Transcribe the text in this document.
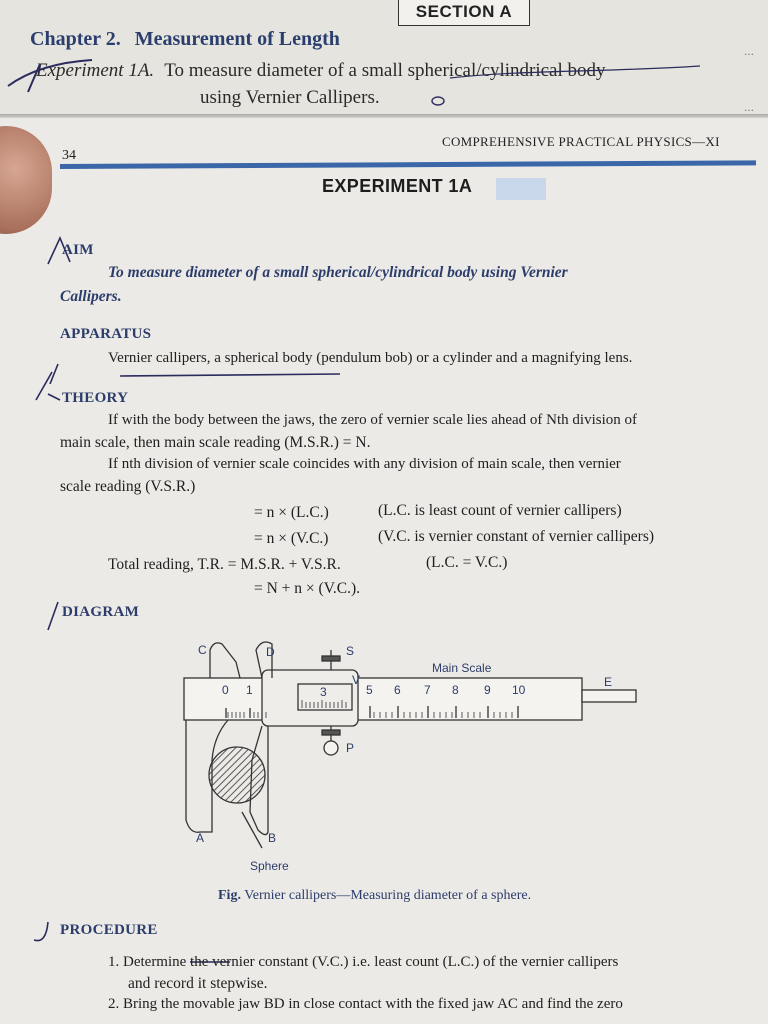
SECTION A
Chapter 2. Measurement of Length
...
Experiment 1A. To measure diameter of a small spherical/cylindrical body
using Vernier Callipers.	...
34
COMPREHENSIVE PRACTICAL PHYSICS—XI
EXPERIMENT 1A
AIM
To measure diameter of a small spherical/cylindrical body using Vernier
Callipers.
APPARATUS
Vernier callipers, a spherical body (pendulum bob) or a cylinder and a magnifying lens.
THEORY
If with the body between the jaws, the zero of vernier scale lies ahead of Nth division of
main scale, then main scale reading (M.S.R.) = N.
If nth division of vernier scale coincides with any division of main scale, then vernier
scale reading (V.S.R.)
= n × (L.C.)	(L.C. is least count of vernier callipers)
= n × (V.C.)	(V.C. is vernier constant of vernier callipers)
Total reading, T.R. = M.S.R. + V.S.R.	(L.C. = V.C.)
= N + n × (V.C.).
DIAGRAM
C	D	S
V
P
E
A	B
Main Scale
Sphere
0 1	3	5 6 7 8 9 10
Fig. Vernier callipers—Measuring diameter of a sphere.
PROCEDURE
1. Determine the vernier constant (V.C.) i.e. least count (L.C.) of the vernier callipers
and record it stepwise.
2. Bring the movable jaw BD in close contact with the fixed jaw AC and find the zero
